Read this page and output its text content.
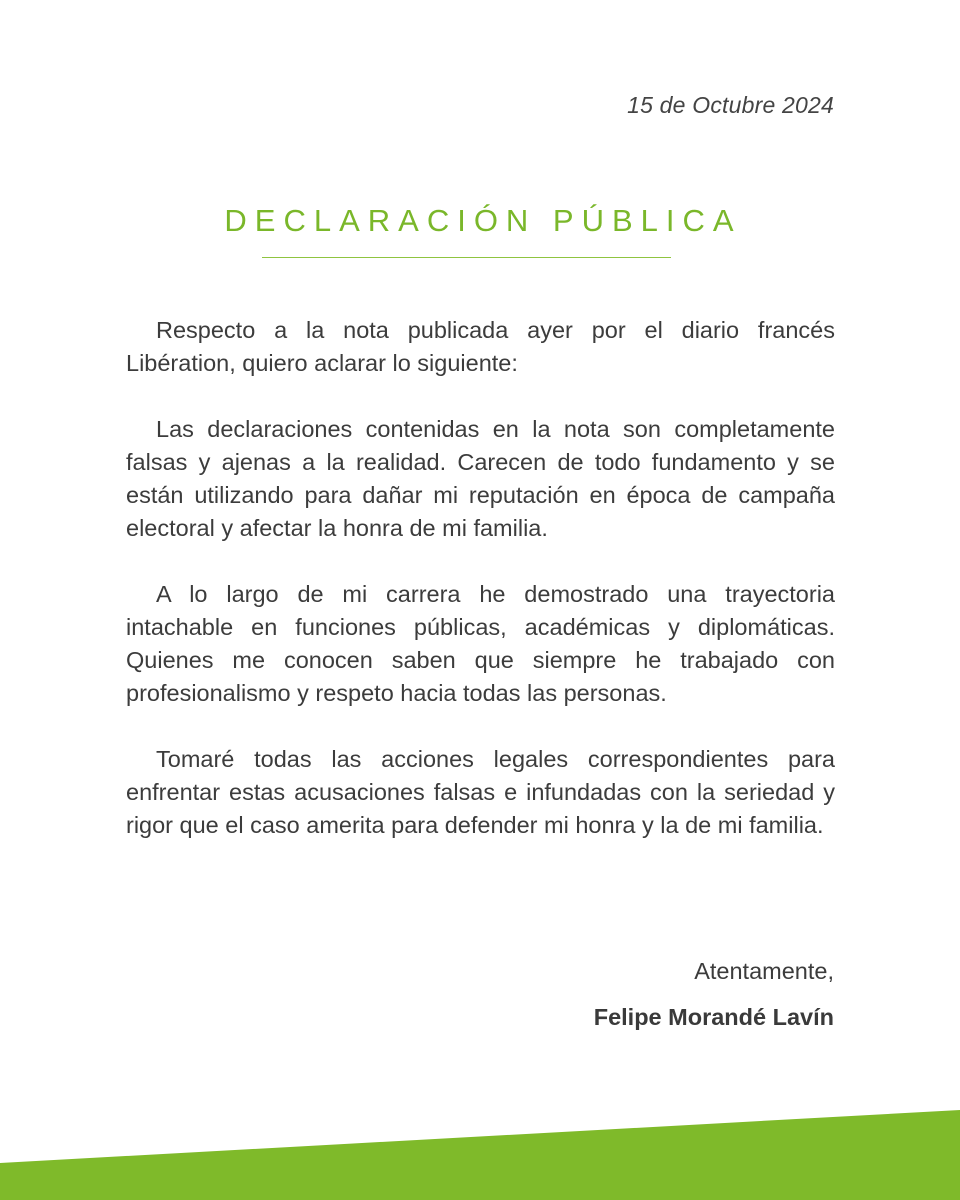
15 de Octubre 2024
DECLARACIÓN PÚBLICA

Respecto a la nota publicada ayer por el diario francés Libération, quiero aclarar lo siguiente:

Las declaraciones contenidas en la nota son completamente falsas y ajenas a la realidad. Carecen de todo fundamento y se están utilizando para dañar mi reputación en época de campaña electoral y afectar la honra de mi familia.

A lo largo de mi carrera he demostrado una trayectoria intachable en funciones públicas, académicas y diplomáticas. Quienes me conocen saben que siempre he trabajado con profesionalismo y respeto hacia todas las personas.

Tomaré todas las acciones legales correspondientes para enfrentar estas acusaciones falsas e infundadas con la seriedad y rigor que el caso amerita para defender mi honra y la de mi familia.

Atentamente,
Felipe Morandé Lavín
